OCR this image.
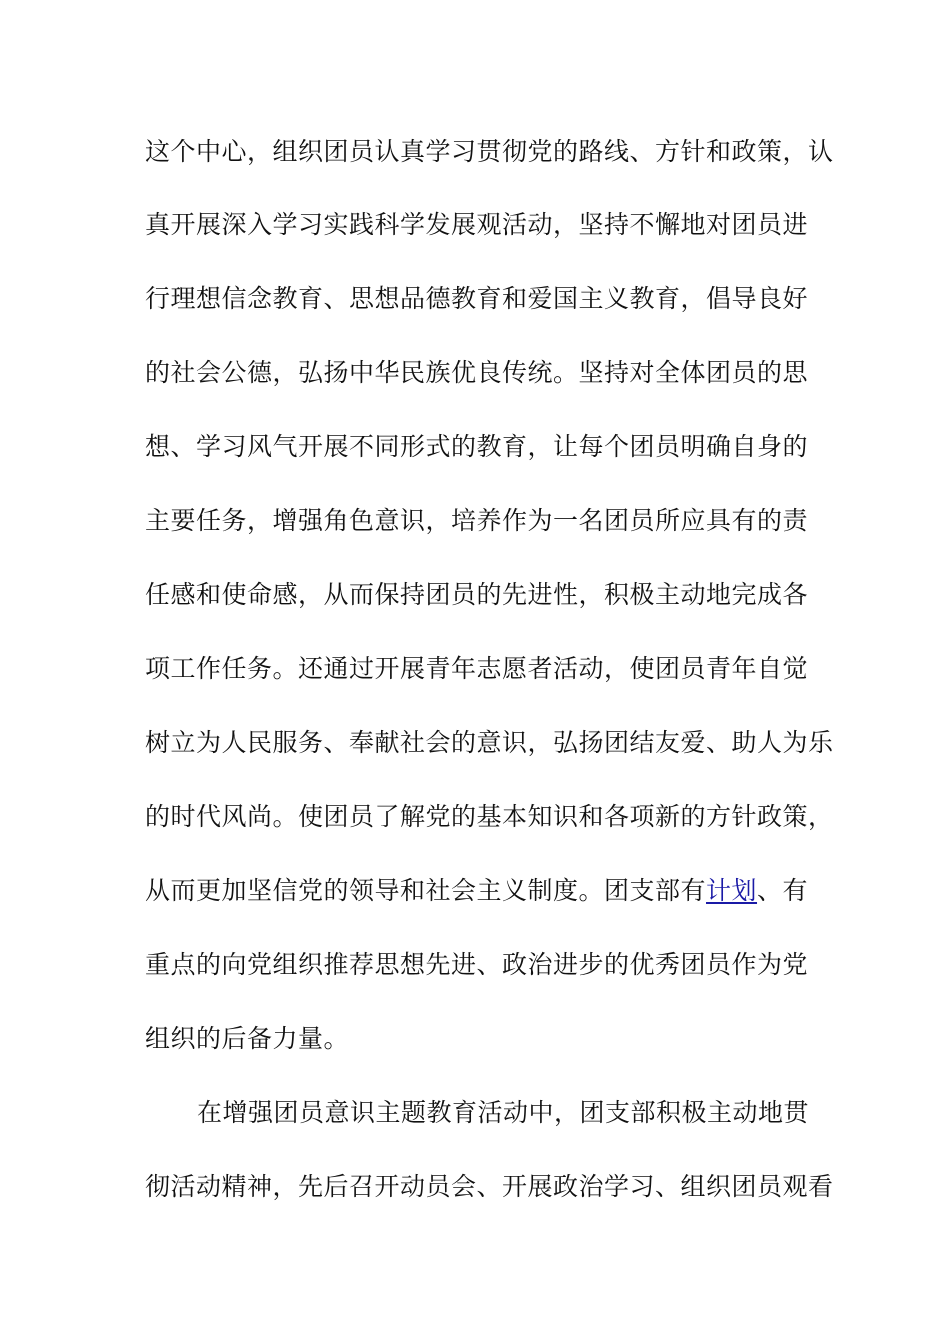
这个中心，组织团员认真学习贯彻党的路线、方针和政策，认
真开展深入学习实践科学发展观活动，坚持不懈地对团员进
行理想信念教育、思想品德教育和爱国主义教育，倡导良好
的社会公德，弘扬中华民族优良传统。坚持对全体团员的思
想、学习风气开展不同形式的教育，让每个团员明确自身的
主要任务，增强角色意识，培养作为一名团员所应具有的责
任感和使命感，从而保持团员的先进性，积极主动地完成各
项工作任务。还通过开展青年志愿者活动，使团员青年自觉
树立为人民服务、奉献社会的意识，弘扬团结友爱、助人为乐
的时代风尚。使团员了解党的基本知识和各项新的方针政策，
从而更加坚信党的领导和社会主义制度。团支部有计划、有
重点的向党组织推荐思想先进、政治进步的优秀团员作为党
组织的后备力量。
在增强团员意识主题教育活动中，团支部积极主动地贯
彻活动精神，先后召开动员会、开展政治学习、组织团员观看
